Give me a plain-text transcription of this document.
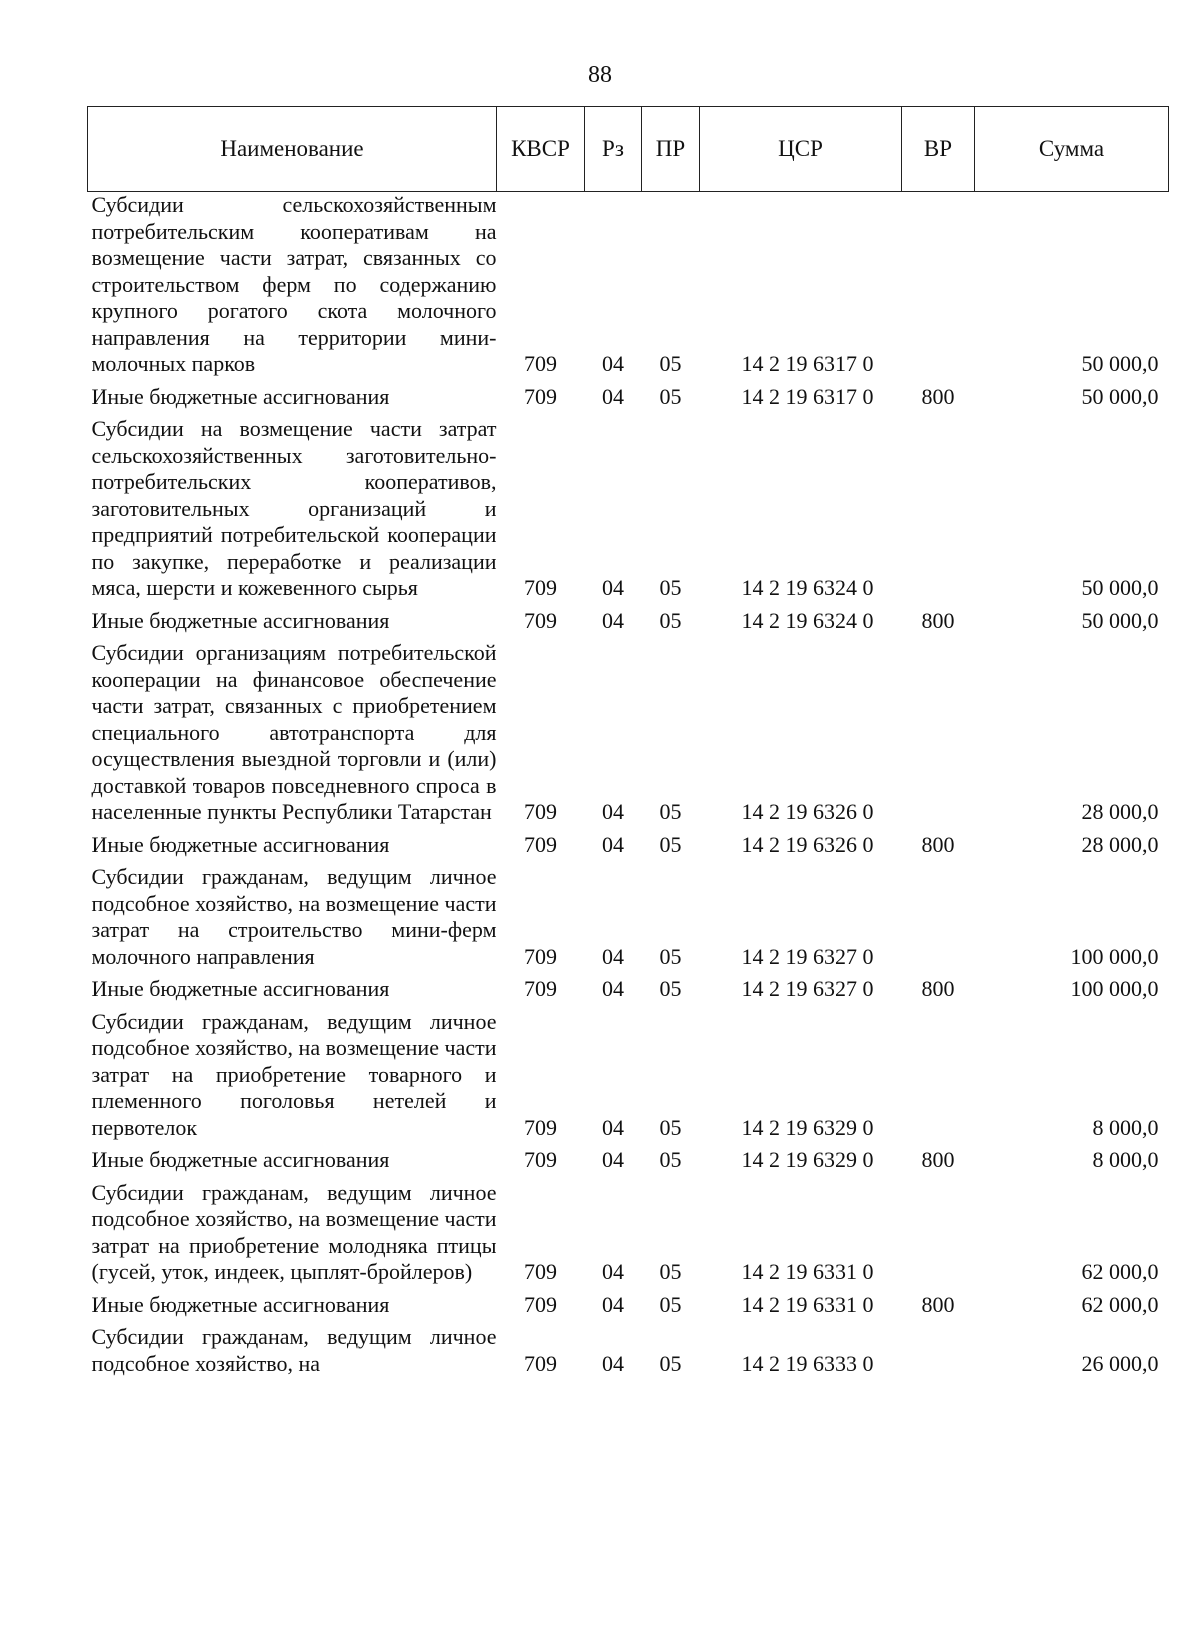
88
Наименование	КВСР	Рз	ПР	ЦСР	ВР	Сумма
Субсидии сельскохозяйственным потребительским кооперативам на возмещение части затрат, связанных со строительством ферм по содержанию крупного рогатого скота молочного направления на территории мини-молочных парков	709	04	05	14 2 19 6317 0		50 000,0
Иные бюджетные ассигнования	709	04	05	14 2 19 6317 0	800	50 000,0
Субсидии на возмещение части затрат сельскохозяйственных заготовительно-потребительских кооперативов, заготовительных организаций и предприятий потребительской кооперации по закупке, переработке и реализации мяса, шерсти и кожевенного сырья	709	04	05	14 2 19 6324 0		50 000,0
Иные бюджетные ассигнования	709	04	05	14 2 19 6324 0	800	50 000,0
Субсидии организациям потребительской кооперации на финансовое обеспечение части затрат, связанных с приобретением специального автотранспорта для осуществления выездной торговли и (или) доставкой товаров повседневного спроса в населенные пункты Республики Татарстан	709	04	05	14 2 19 6326 0		28 000,0
Иные бюджетные ассигнования	709	04	05	14 2 19 6326 0	800	28 000,0
Субсидии гражданам, ведущим личное подсобное хозяйство, на возмещение части затрат на строительство мини-ферм молочного направления	709	04	05	14 2 19 6327 0		100 000,0
Иные бюджетные ассигнования	709	04	05	14 2 19 6327 0	800	100 000,0
Субсидии гражданам, ведущим личное подсобное хозяйство, на возмещение части затрат на приобретение товарного и племенного поголовья нетелей и первотелок	709	04	05	14 2 19 6329 0		8 000,0
Иные бюджетные ассигнования	709	04	05	14 2 19 6329 0	800	8 000,0
Субсидии гражданам, ведущим личное подсобное хозяйство, на возмещение части затрат на приобретение молодняка птицы (гусей, уток, индеек, цыплят-бройлеров)	709	04	05	14 2 19 6331 0		62 000,0
Иные бюджетные ассигнования	709	04	05	14 2 19 6331 0	800	62 000,0
Субсидии гражданам, ведущим личное подсобное хозяйство, на	709	04	05	14 2 19 6333 0		26 000,0
